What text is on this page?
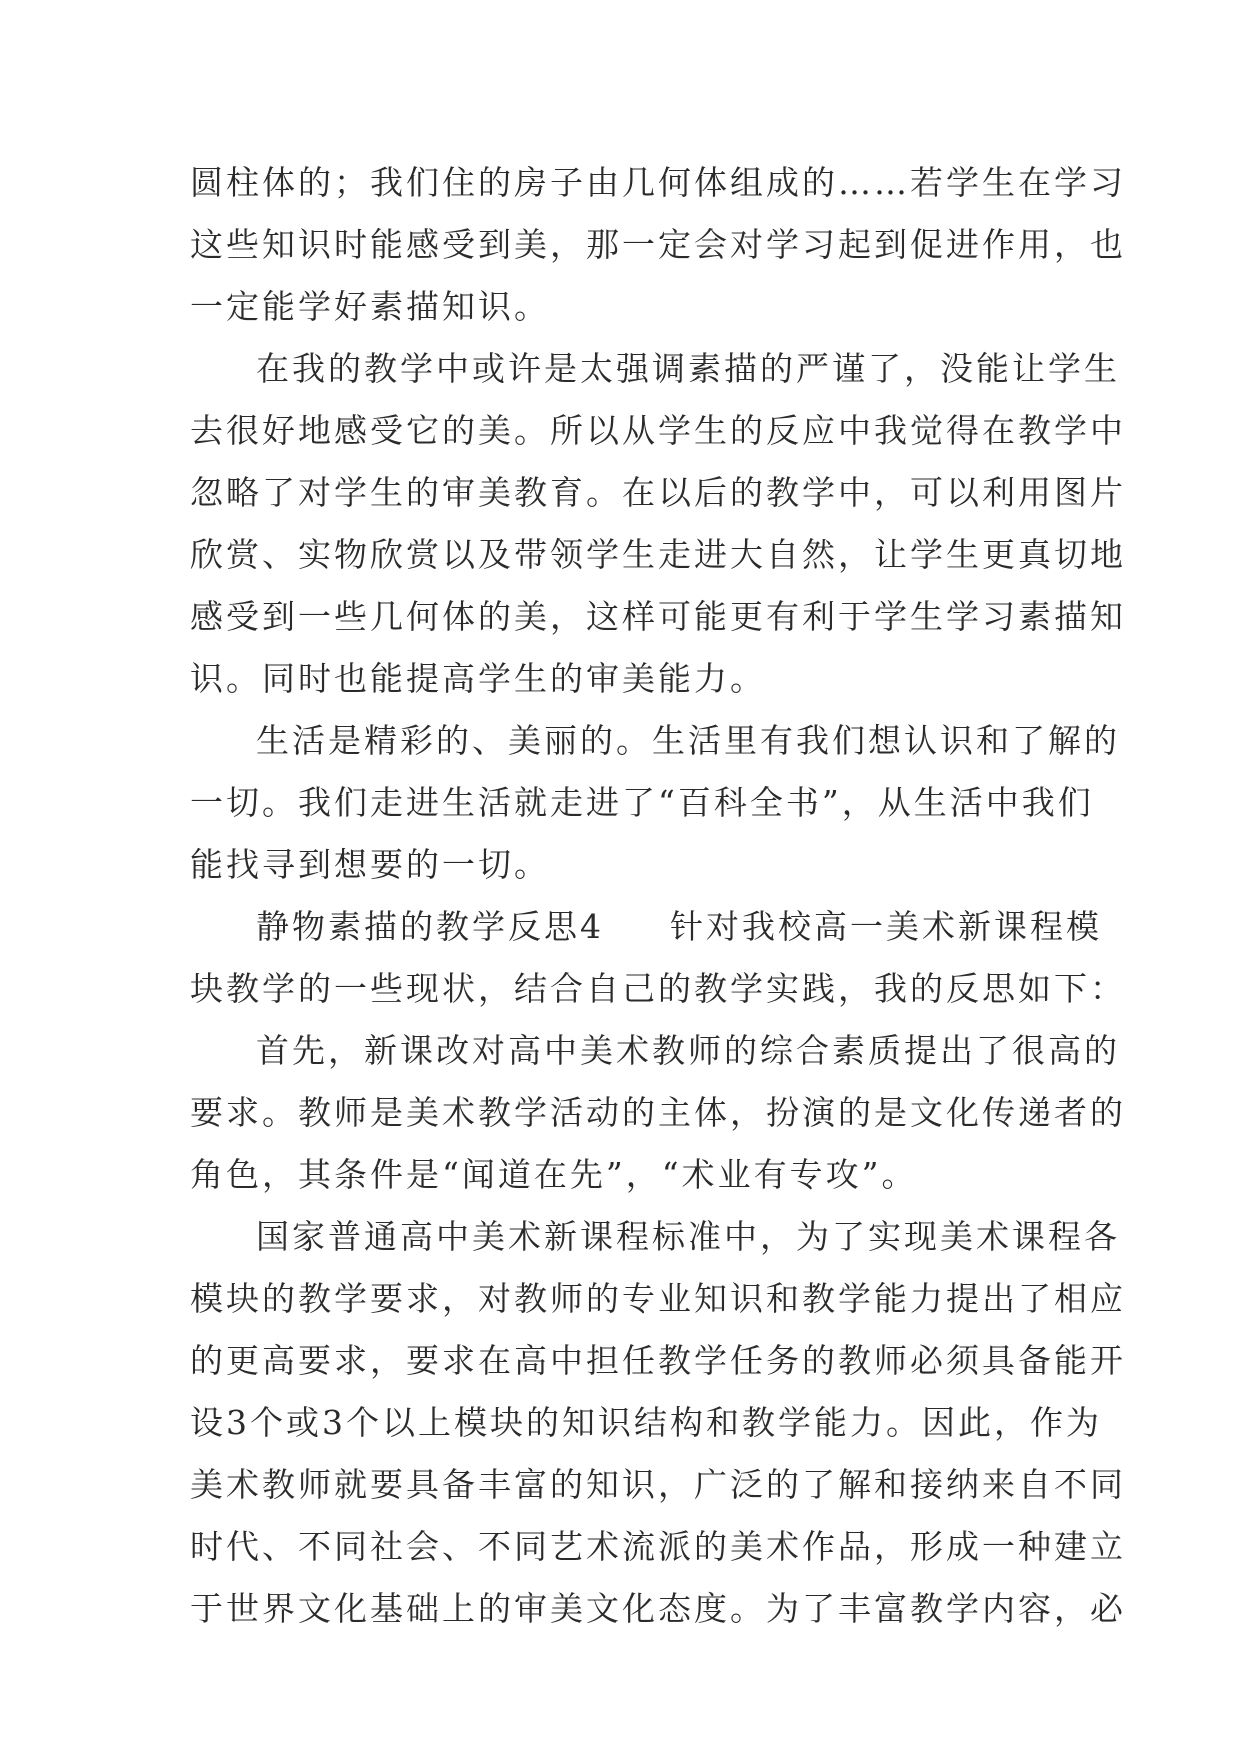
圆柱体的；我们住的房子由几何体组成的……若学生在学习
这些知识时能感受到美，那一定会对学习起到促进作用，也
一定能学好素描知识。
在我的教学中或许是太强调素描的严谨了，没能让学生
去很好地感受它的美。所以从学生的反应中我觉得在教学中
忽略了对学生的审美教育。在以后的教学中，可以利用图片
欣赏、实物欣赏以及带领学生走进大自然，让学生更真切地
感受到一些几何体的美，这样可能更有利于学生学习素描知
识。同时也能提高学生的审美能力。
生活是精彩的、美丽的。生活里有我们想认识和了解的
一切。我们走进生活就走进了“百科全书”，从生活中我们
能找寻到想要的一切。
静物素描的教学反思4 针对我校高一美术新课程模
块教学的一些现状，结合自己的教学实践，我的反思如下：
首先，新课改对高中美术教师的综合素质提出了很高的
要求。教师是美术教学活动的主体，扮演的是文化传递者的
角色，其条件是“闻道在先”，“术业有专攻”。
国家普通高中美术新课程标准中，为了实现美术课程各
模块的教学要求，对教师的专业知识和教学能力提出了相应
的更高要求，要求在高中担任教学任务的教师必须具备能开
设3个或3个以上模块的知识结构和教学能力。因此，作为
美术教师就要具备丰富的知识，广泛的了解和接纳来自不同
时代、不同社会、不同艺术流派的美术作品，形成一种建立
于世界文化基础上的审美文化态度。为了丰富教学内容，必
